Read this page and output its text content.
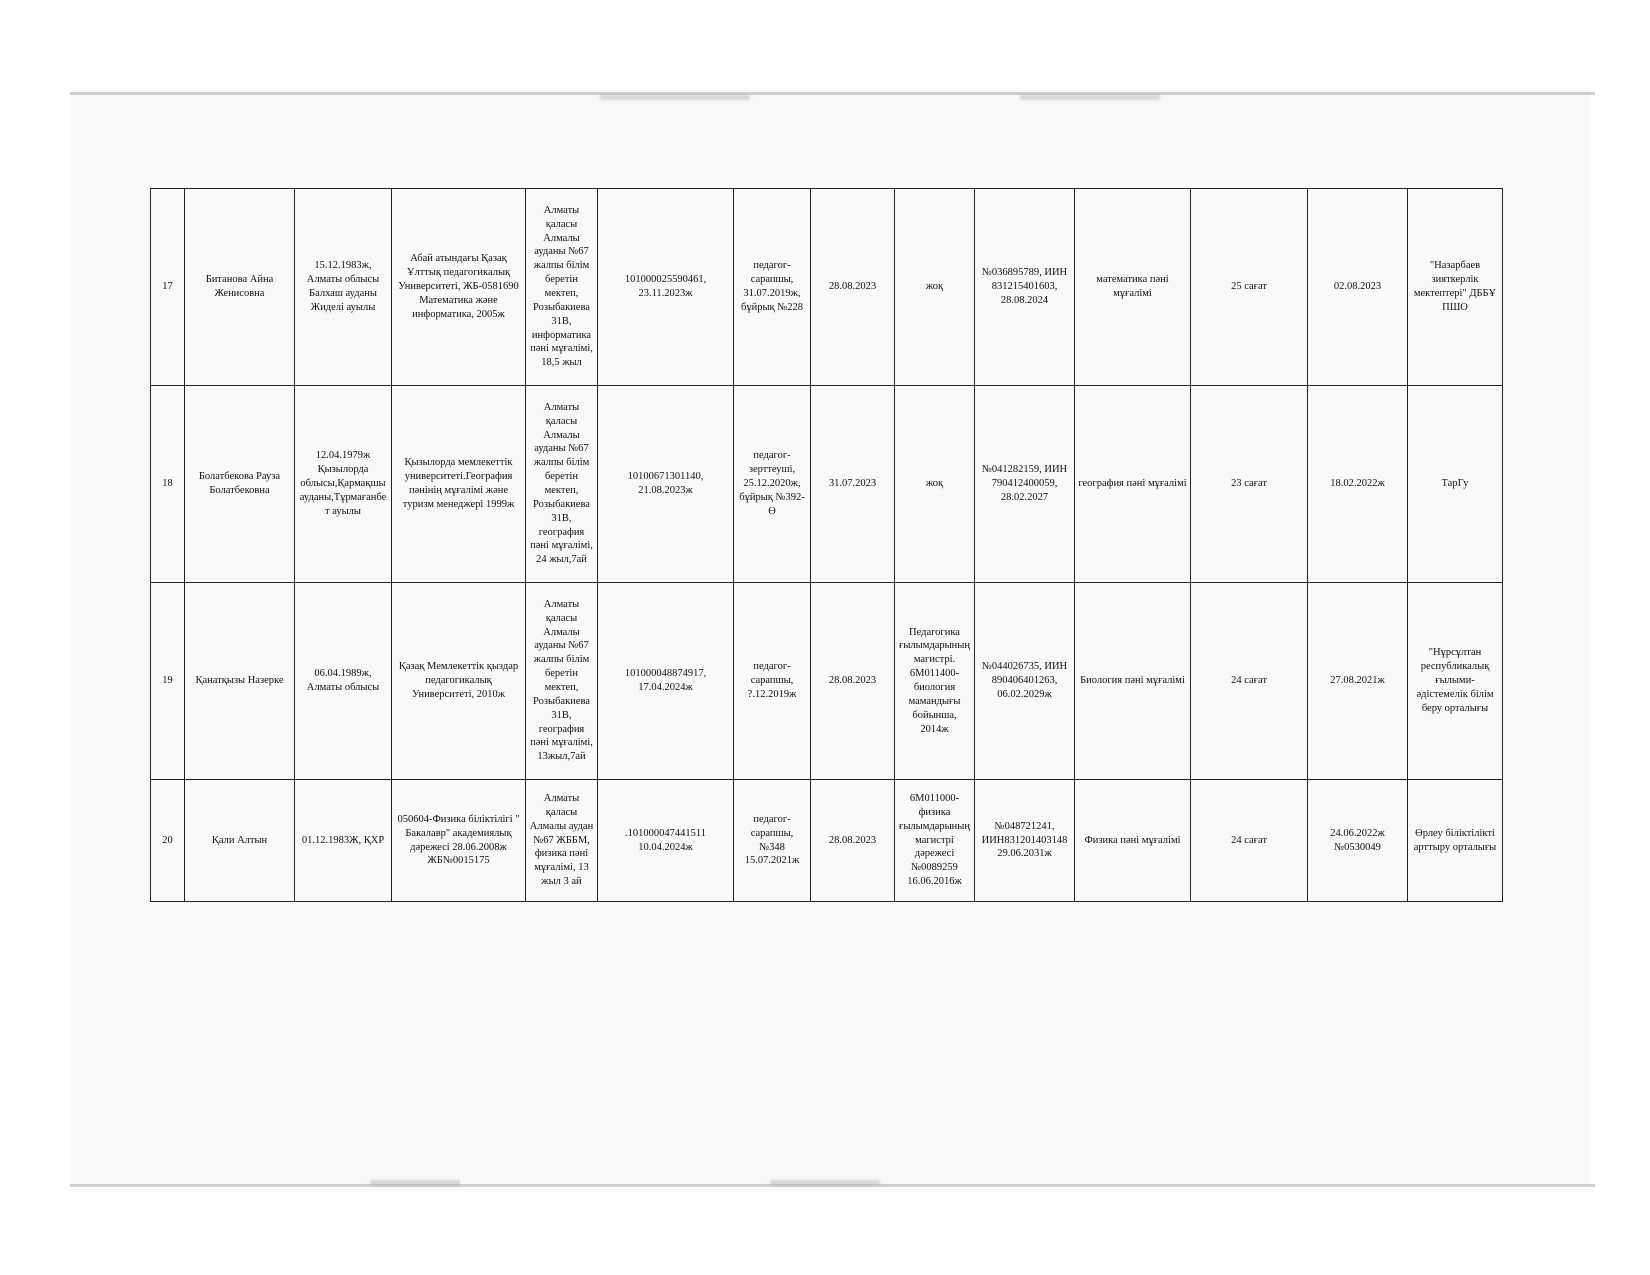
17	Битанова Айна Женисовна	15.12.1983ж, Алматы облысы Балхаш ауданы Жиделі ауылы	Абай атындағы Қазақ Ұлттық педагогикалық Университеті, ЖБ-0581690 Математика және информатика, 2005ж	Алматы қаласы Алмалы ауданы №67 жалпы білім беретін мектеп, Розыбакиева 31В, информатика пәні мұғалімі, 18,5 жыл	101000025590461, 23.11.2023ж	педагог-сарапшы, 31.07.2019ж, бұйрық №228	28.08.2023	жоқ	№036895789, ИИН 831215401603, 28.08.2024	математика пәні мұғалімі	25 сағат	02.08.2023	"Назарбаев зияткерлік мектептері" ДББҰ ПШО
18	Болатбекова Рауза Болатбековна	12.04.1979ж Қызылорда облысы,Қармақшы ауданы,Тұрмағанбет ауылы	Қызылорда мемлекеттік университеті.География пәнінің мұғалімі және туризм менеджері 1999ж	Алматы қаласы Алмалы ауданы №67 жалпы білім беретін мектеп, Розыбакиева 31В, география пәні мұғалімі, 24 жыл,7ай	10100671301140, 21.08.2023ж	педагог-зерттеуші, 25.12.2020ж, бұйрық №392-Ө	31.07.2023	жоқ	№041282159, ИИН 790412400059, 28.02.2027	география пәні мұғалімі	23 сағат	18.02.2022ж	ТарГу
19	Қанатқызы Назерке	06.04.1989ж, Алматы облысы	Қазақ Мемлекеттік қыздар педагогикалық Университеті, 2010ж	Алматы қаласы Алмалы ауданы №67 жалпы білім беретін мектеп, Розыбакиева 31В, география пәні мұғалімі, 13жыл,7ай	101000048874917, 17.04.2024ж	педагог-сарапшы, ?.12.2019ж	28.08.2023	Педагогика ғылымдарының магистрі. 6М011400-биология мамандығы бойынша, 2014ж	№044026735, ИИН 890406401263, 06.02.2029ж	Биология пәні мұғалімі	24 сағат	27.08.2021ж	"Нұрсұлтан республикалық ғылыми-әдістемелік білім беру орталығы
20	Қали Алтын	01.12.1983Ж, ҚХР	050604-Физика біліктілігі " Бакалавр" академиялық дәрежесі 28.06.2008ж ЖБ№0015175	Алматы қаласы Алмалы аудан №67 ЖББМ, физика пәні мұғалімі, 13 жыл 3 ай	.101000047441511 10.04.2024ж	педагог-сарапшы, №348 15.07.2021ж	28.08.2023	6М011000-физика ғылымдарының магистрі дәрежесі №0089259 16.06.2016ж	№048721241, ИИН831201403148 29.06.2031ж	Физика пәні мұғалімі	24 сағат	24.06.2022ж №0530049	Өрлеу біліктілікті арттыру орталығы
